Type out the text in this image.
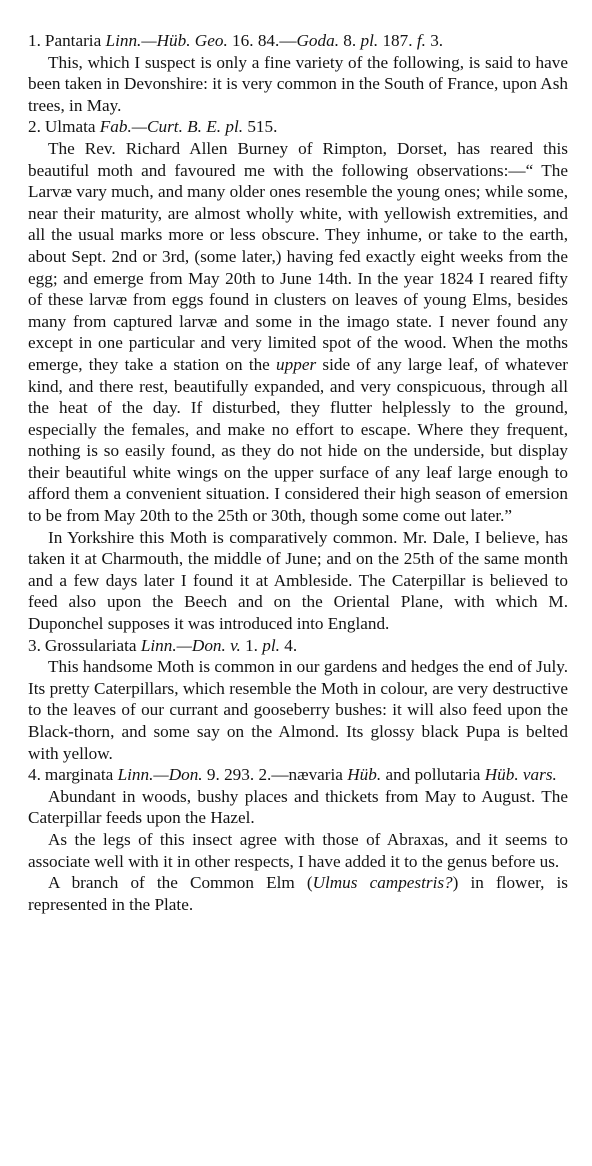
1. Pantaria Linn.—Hüb. Geo. 16. 84.—Goda. 8. pl. 187. f. 3.

This, which I suspect is only a fine variety of the following, is said to have been taken in Devonshire: it is very common in the South of France, upon Ash trees, in May.

2. Ulmata Fab.—Curt. B. E. pl. 515.

The Rev. Richard Allen Burney of Rimpton, Dorset, has reared this beautiful moth and favoured me with the following observations:—“ The Larvæ vary much, and many older ones resemble the young ones; while some, near their maturity, are almost wholly white, with yellowish extremities, and all the usual marks more or less obscure. They inhume, or take to the earth, about Sept. 2nd or 3rd, (some later,) having fed exactly eight weeks from the egg; and emerge from May 20th to June 14th. In the year 1824 I reared fifty of these larvæ from eggs found in clusters on leaves of young Elms, besides many from captured larvæ and some in the imago state. I never found any except in one particular and very limited spot of the wood. When the moths emerge, they take a station on the upper side of any large leaf, of whatever kind, and there rest, beautifully expanded, and very conspicuous, through all the heat of the day. If disturbed, they flutter helplessly to the ground, especially the females, and make no effort to escape. Where they frequent, nothing is so easily found, as they do not hide on the underside, but display their beautiful white wings on the upper surface of any leaf large enough to afford them a convenient situation. I considered their high season of emersion to be from May 20th to the 25th or 30th, though some come out later.”

In Yorkshire this Moth is comparatively common. Mr. Dale, I believe, has taken it at Charmouth, the middle of June; and on the 25th of the same month and a few days later I found it at Ambleside. The Caterpillar is believed to feed also upon the Beech and on the Oriental Plane, with which M. Duponchel supposes it was introduced into England.

3. Grossulariata Linn.—Don. v. 1. pl. 4.

This handsome Moth is common in our gardens and hedges the end of July. Its pretty Caterpillars, which resemble the Moth in colour, are very destructive to the leaves of our currant and gooseberry bushes: it will also feed upon the Black-thorn, and some say on the Almond. Its glossy black Pupa is belted with yellow.

4. marginata Linn.—Don. 9. 293. 2.—nævaria Hüb. and pollutaria Hüb. vars.

Abundant in woods, bushy places and thickets from May to August. The Caterpillar feeds upon the Hazel.

As the legs of this insect agree with those of Abraxas, and it seems to associate well with it in other respects, I have added it to the genus before us.

A branch of the Common Elm (Ulmus campestris?) in flower, is represented in the Plate.
